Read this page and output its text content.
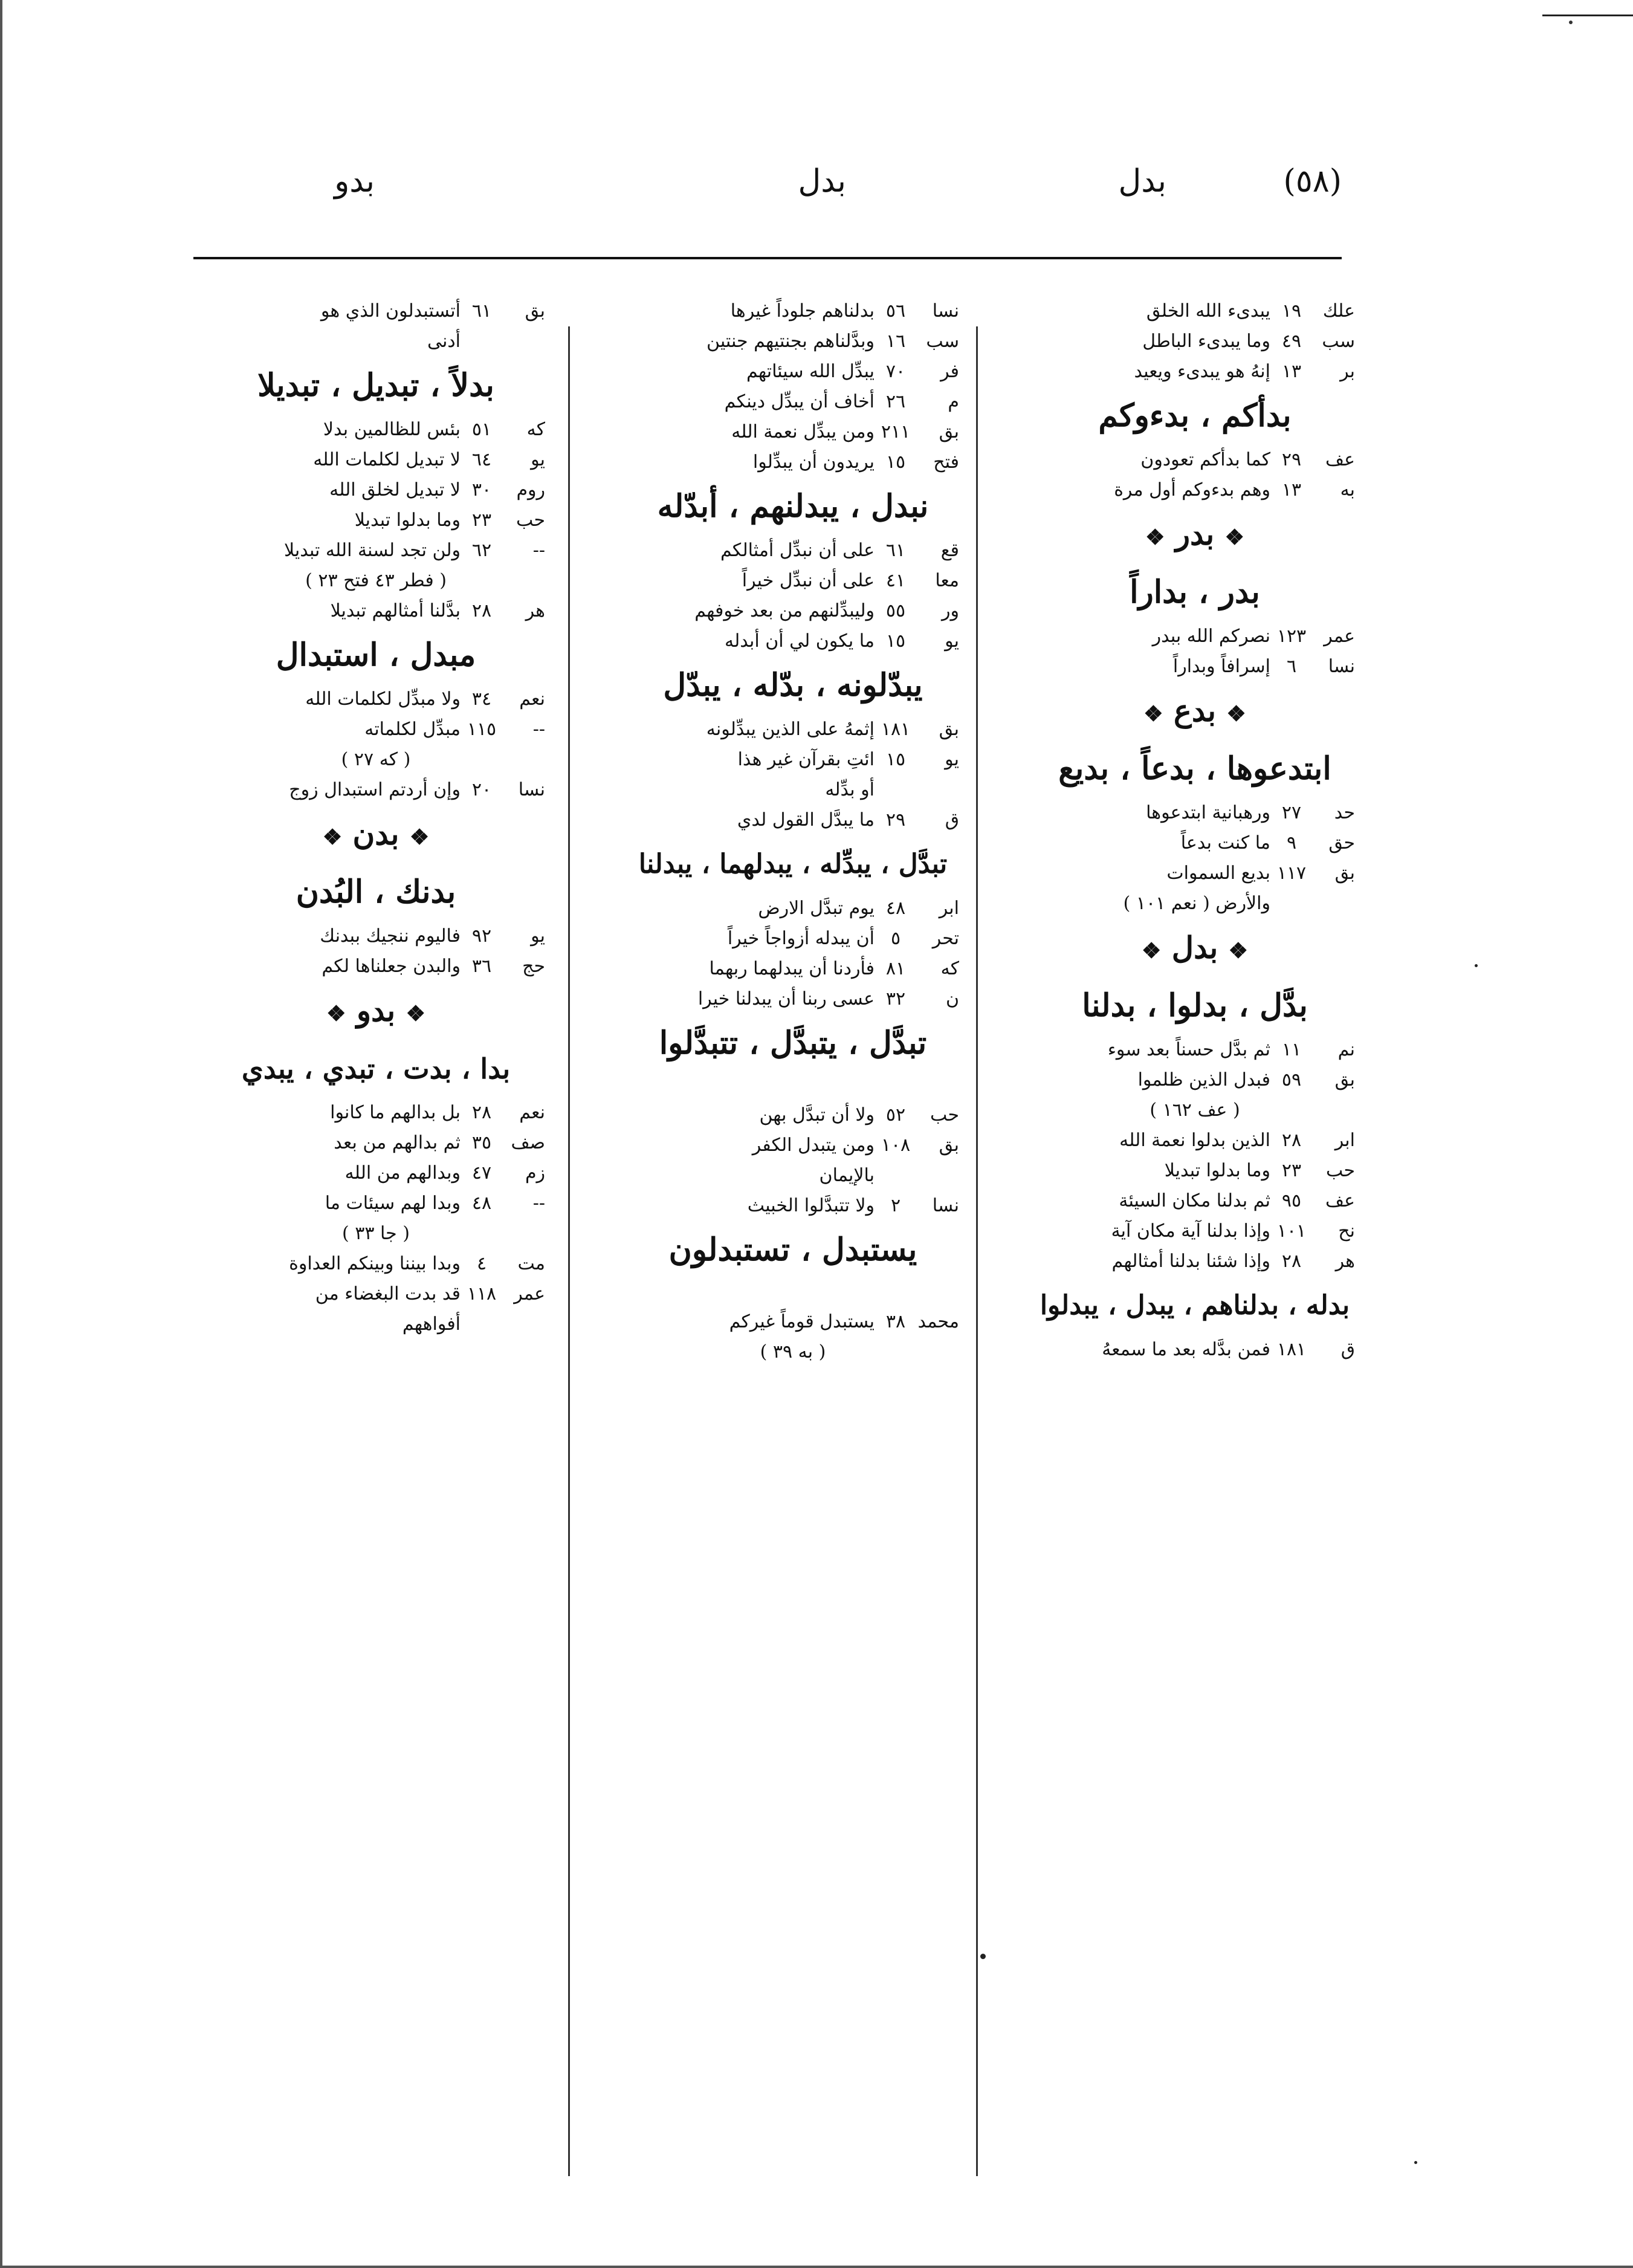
(٥٨)
بدل
بدل
بدو
علك١٩يبدىء الله الخلق
سب٤٩وما يبدىء الباطل
بر١٣إنهُ هو يبدىء ويعيد
بدأكم ، بدءوكم
عف٢٩كما بدأكم تعودون
به١٣وهم بدءوكم أول مرة
❖ بدر ❖
بدر ، بداراً
عمر١٢٣نصركم الله ببدر
نسا٦إسرافاً وبداراً
❖ بدع ❖
ابتدعوها ، بدعاً ، بديع
حد٢٧ورهبانية ابتدعوها
حق٩ما كنت بدعاً
بق١١٧بديع السموات
والأرض ( نعم ١٠١ )
❖ بدل ❖
بدَّل ، بدلوا ، بدلنا
نم١١ثم بدَّل حسناً بعد سوء
بق٥٩فبدل الذين ظلموا
( عف ١٦٢ )
ابر٢٨الذين بدلوا نعمة الله
حب٢٣وما بدلوا تبديلا
عف٩٥ثم بدلنا مكان السيئة
نح١٠١وإذا بدلنا آية مكان آية
هر٢٨وإذا شئنا بدلنا أمثالهم
بدله ، بدلناهم ، يبدل ، يبدلوا
ق١٨١فمن بدَّله بعد ما سمعهُ
نسا٥٦بدلناهم جلوداً غيرها
سب١٦وبدَّلناهم بجنتيهم جنتين
فر٧٠يبدِّل الله سيئاتهم
م٢٦أخاف أن يبدِّل دينكم
بق٢١١ومن يبدِّل نعمة الله
فتح١٥يريدون أن يبدِّلوا
نبدل ، يبدلنهم ، أبدّله
قع٦١على أن نبدِّل أمثالكم
معا٤١على أن نبدِّل خيراً
ور٥٥وليبدِّلنهم من بعد خوفهم
يو١٥ما يكون لي أن أبدله
يبدّلونه ، بدّله ، يبدّل
بق١٨١إثمهُ على الذين يبدِّلونه
يو١٥ائتِ بقرآن غير هذا
أو بدِّله
ق٢٩ما يبدَّل القول لدي
تبدَّل ، يبدِّله ، يبدلهما ، يبدلنا
ابر٤٨يوم تبدَّل الارض
تحر٥أن يبدله أزواجاً خيراً
كه٨١فأردنا أن يبدلهما ربهما
ن٣٢عسى ربنا أن يبدلنا خيرا
تبدَّل ، يتبدَّل ، تتبدَّلوا
حب٥٢ولا أن تبدَّل بهن
بق١٠٨ومن يتبدل الكفر
بالإيمان
نسا٢ولا تتبدَّلوا الخبيث
يستبدل ، تستبدلون
محمد٣٨يستبدل قوماً غيركم
( به ٣٩ )
بق٦١أتستبدلون الذي هو
أدنى
بدلاً ، تبديل ، تبديلا
كه٥١بئس للظالمين بدلا
يو٦٤لا تبديل لكلمات الله
روم٣٠لا تبديل لخلق الله
حب٢٣وما بدلوا تبديلا
--٦٢ولن تجد لسنة الله تبديلا
( فطر ٤٣ فتح ٢٣ )
هر٢٨بدَّلنا أمثالهم تبديلا
مبدل ، استبدال
نعم٣٤ولا مبدِّل لكلمات الله
--١١٥مبدِّل لكلماته
( كه ٢٧ )
نسا٢٠وإن أردتم استبدال زوج
❖ بدن ❖
بدنك ، البُدن
يو٩٢فاليوم ننجيك ببدنك
حج٣٦والبدن جعلناها لكم
❖ بدو ❖
بدا ، بدت ، تبدي ، يبدي
نعم٢٨بل بدالهم ما كانوا
صف٣٥ثم بدالهم من بعد
زم٤٧وبدالهم من الله
--٤٨وبدا لهم سيئات ما
( جا ٣٣ )
مت٤وبدا بيننا وبينكم العداوة
عمر١١٨قد بدت البغضاء من
أفواههم
